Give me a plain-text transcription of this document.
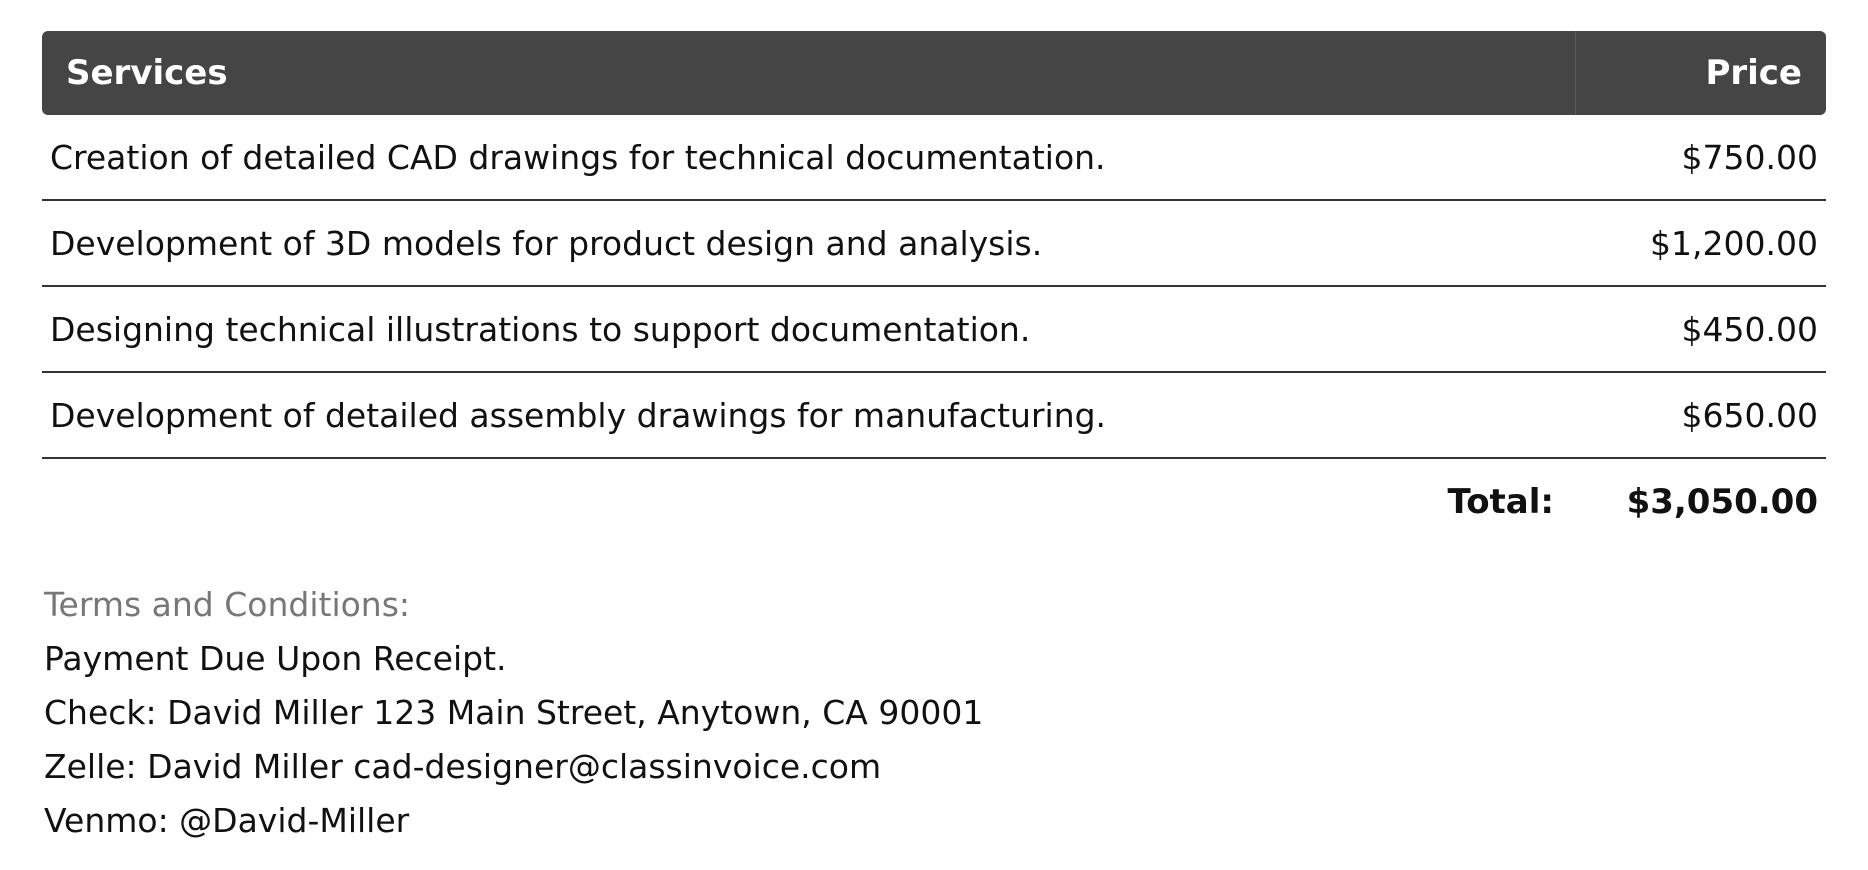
Services	Price
Creation of detailed CAD drawings for technical documentation.	$750.00
Development of 3D models for product design and analysis.	$1,200.00
Designing technical illustrations to support documentation.	$450.00
Development of detailed assembly drawings for manufacturing.	$650.00
Total:	$3,050.00
Terms and Conditions:
Payment Due Upon Receipt.
Check: David Miller 123 Main Street, Anytown, CA 90001
Zelle: David Miller cad-designer@classinvoice.com
Venmo: @David-Miller
